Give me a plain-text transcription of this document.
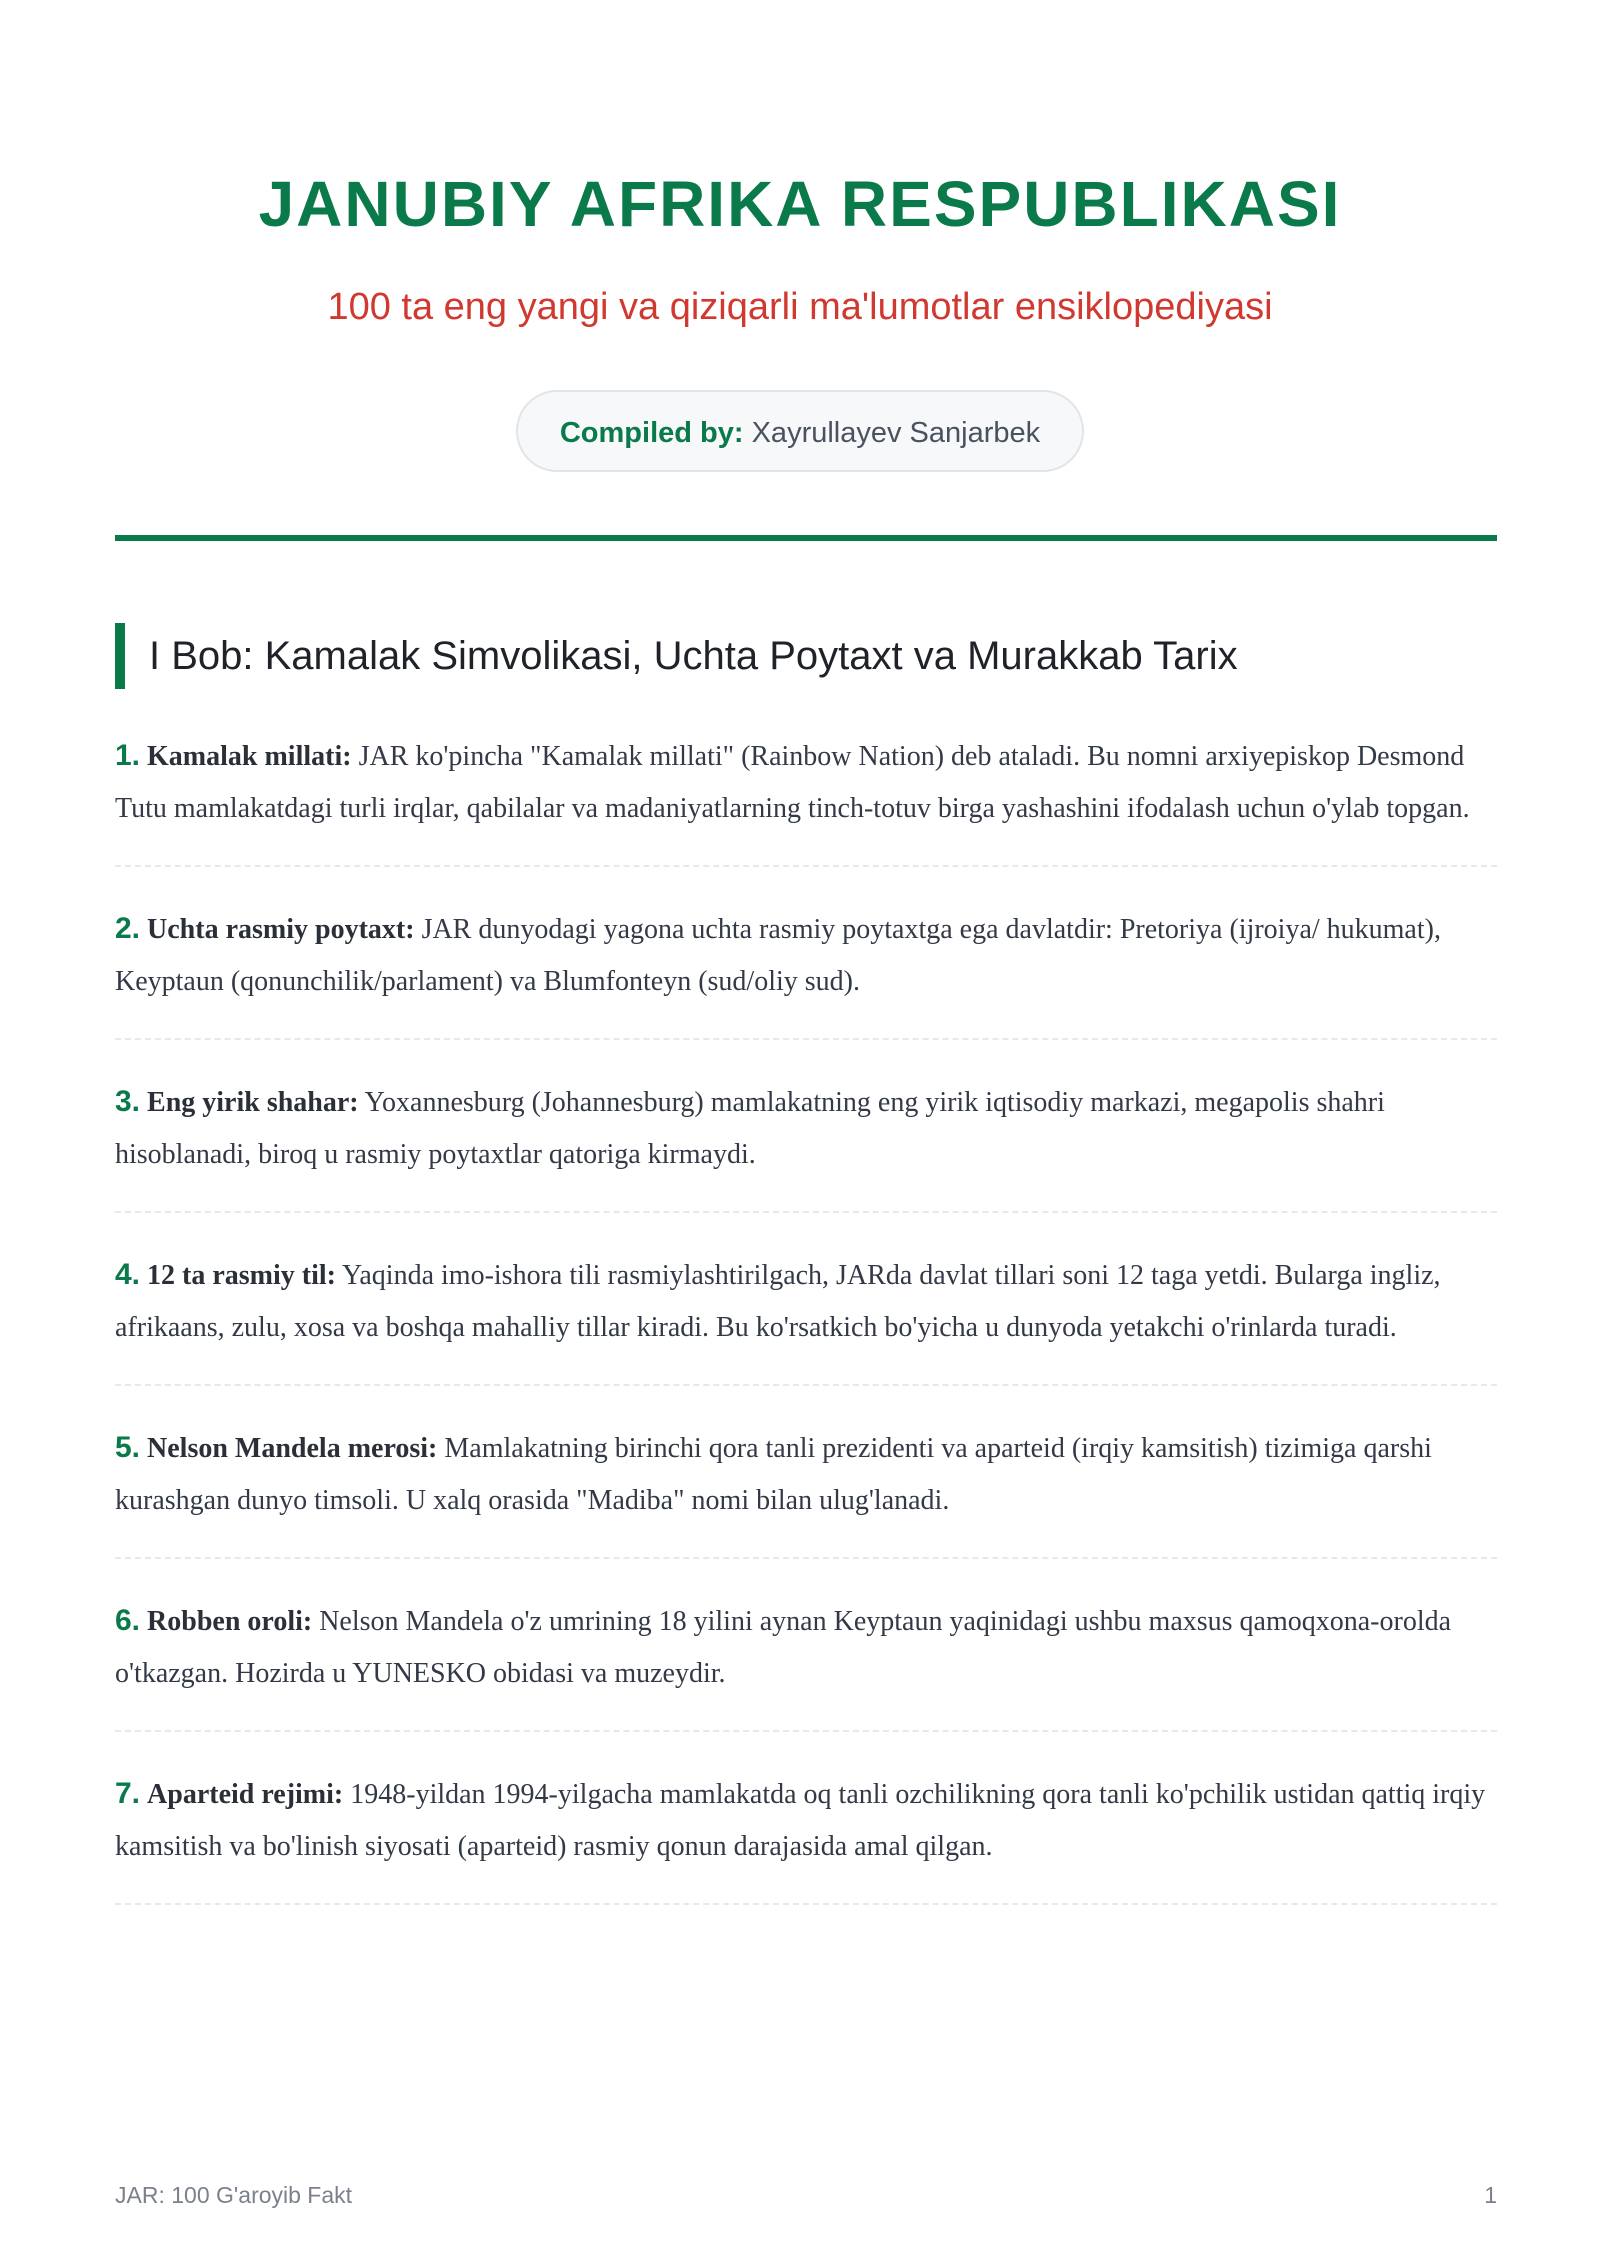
JANUBIY AFRIKA RESPUBLIKASI

100 ta eng yangi va qiziqarli ma'lumotlar ensiklopediyasi

Compiled by: Xayrullayev Sanjarbek
I Bob: Kamalak Simvolikasi, Uchta Poytaxt va Murakkab Tarix
1. Kamalak millati: JAR ko'pincha "Kamalak millati" (Rainbow Nation) deb ataladi. Bu nomni arxiyepiskop Desmond Tutu mamlakatdagi turli irqlar, qabilalar va madaniyatlarning tinch-totuv birga yashashini ifodalash uchun o'ylab topgan.
2. Uchta rasmiy poytaxt: JAR dunyodagi yagona uchta rasmiy poytaxtga ega davlatdir: Pretoriya (ijroiya/ hukumat), Keyptaun (qonunchilik/parlament) va Blumfonteyn (sud/oliy sud).
3. Eng yirik shahar: Yoxannesburg (Johannesburg) mamlakatning eng yirik iqtisodiy markazi, megapolis shahri hisoblanadi, biroq u rasmiy poytaxtlar qatoriga kirmaydi.
4. 12 ta rasmiy til: Yaqinda imo-ishora tili rasmiylashtirilgach, JARda davlat tillari soni 12 taga yetdi. Bularga ingliz, afrikaans, zulu, xosa va boshqa mahalliy tillar kiradi. Bu ko'rsatkich bo'yicha u dunyoda yetakchi o'rinlarda turadi.
5. Nelson Mandela merosi: Mamlakatning birinchi qora tanli prezidenti va aparteid (irqiy kamsitish) tizimiga qarshi kurashgan dunyo timsoli. U xalq orasida "Madiba" nomi bilan ulug'lanadi.
6. Robben oroli: Nelson Mandela o'z umrining 18 yilini aynan Keyptaun yaqinidagi ushbu maxsus qamoqxona-orolda o'tkazgan. Hozirda u YUNESKO obidasi va muzeydir.
7. Aparteid rejimi: 1948-yildan 1994-yilgacha mamlakatda oq tanli ozchilikning qora tanli ko'pchilik ustidan qattiq irqiy kamsitish va bo'linish siyosati (aparteid) rasmiy qonun darajasida amal qilgan.
JAR: 100 G'aroyib Fakt	1
